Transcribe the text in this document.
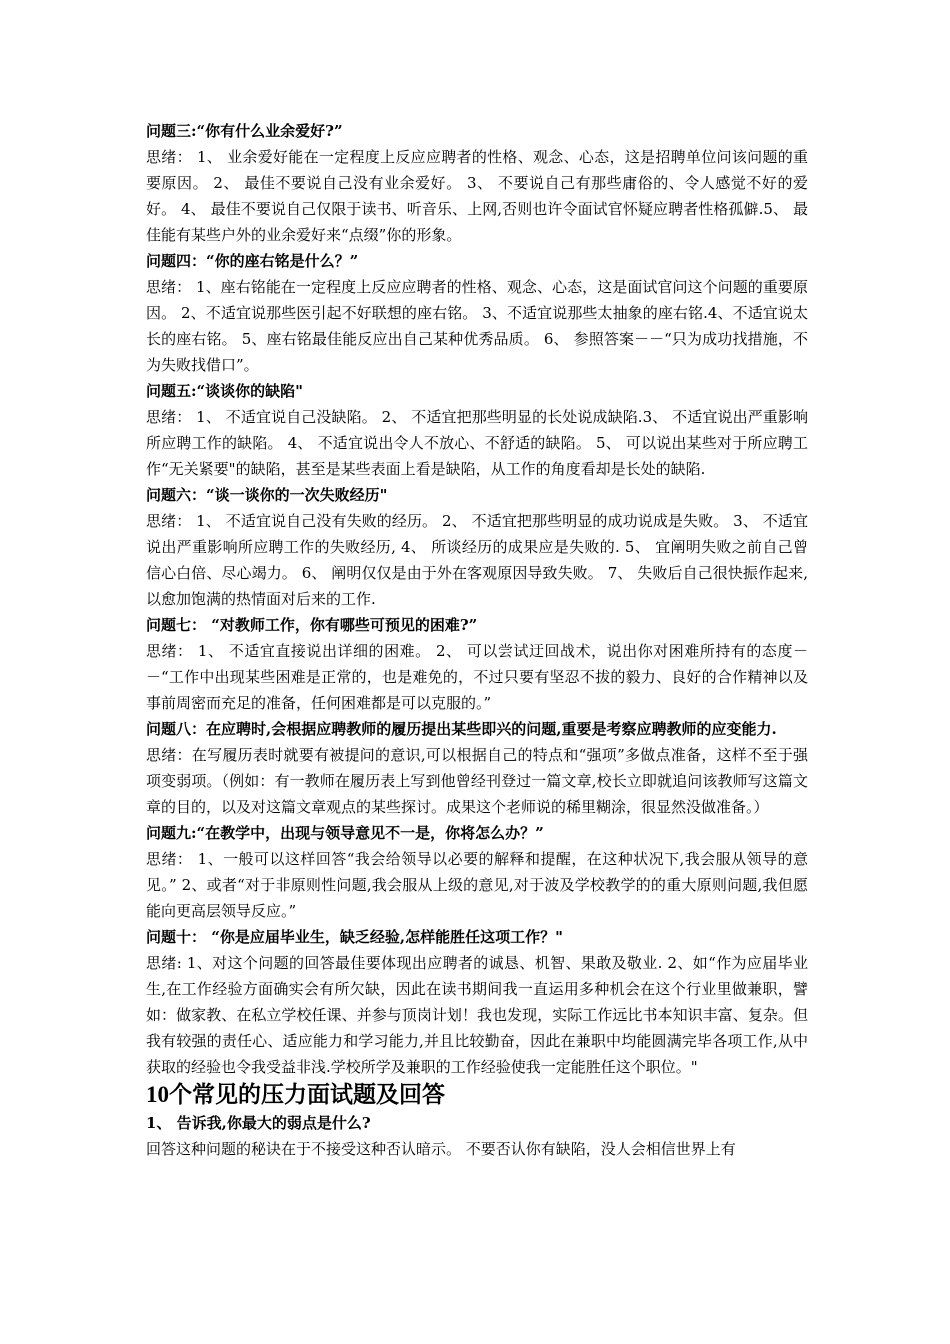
问题三:“你有什么业余爱好?”

思绪： 1、 业余爱好能在一定程度上反应应聘者的性格、观念、心态，这是招聘单位问该问题的重要原因。 2、 最佳不要说自己没有业余爱好。 3、 不要说自己有那些庸俗的、令人感觉不好的爱好。 4、 最佳不要说自己仅限于读书、听音乐、上网,否则也许令面试官怀疑应聘者性格孤僻.5、 最佳能有某些户外的业余爱好来“点缀”你的形象。

问题四：“你的座右铭是什么？”

思绪： 1、座右铭能在一定程度上反应应聘者的性格、观念、心态，这是面试官问这个问题的重要原因。 2、不适宜说那些医引起不好联想的座右铭。 3、不适宜说那些太抽象的座右铭.4、不适宜说太长的座右铭。 5、座右铭最佳能反应出自己某种优秀品质。 6、 参照答案－－“只为成功找措施，不为失败找借口”。

问题五:“谈谈你的缺陷"

思绪： 1、 不适宜说自己没缺陷。 2、 不适宜把那些明显的长处说成缺陷.3、 不适宜说出严重影响所应聘工作的缺陷。 4、 不适宜说出令人不放心、不舒适的缺陷。 5、 可以说出某些对于所应聘工作“无关紧要"的缺陷，甚至是某些表面上看是缺陷，从工作的角度看却是长处的缺陷.

问题六：“谈一谈你的一次失败经历"

思绪： 1、 不适宜说自己没有失败的经历。 2、 不适宜把那些明显的成功说成是失败。 3、 不适宜说出严重影响所应聘工作的失败经历, 4、 所谈经历的成果应是失败的. 5、 宜阐明失败之前自己曾信心白倍、尽心竭力。 6、 阐明仅仅是由于外在客观原因导致失败。 7、 失败后自己很快振作起来,以愈加饱满的热情面对后来的工作.

问题七： “对教师工作，你有哪些可预见的困难?”

思绪： 1、 不适宜直接说出详细的困难。 2、 可以尝试迂回战术，说出你对困难所持有的态度－－“工作中出现某些困难是正常的，也是难免的，不过只要有坚忍不拔的毅力、良好的合作精神以及事前周密而充足的准备，任何困难都是可以克服的。”

问题八：在应聘时,会根据应聘教师的履历提出某些即兴的问题,重要是考察应聘教师的应变能力.

思绪：在写履历表时就要有被提问的意识,可以根据自己的特点和“强项”多做点准备，这样不至于强项变弱项。（例如：有一教师在履历表上写到他曾经刊登过一篇文章,校长立即就追问该教师写这篇文章的目的，以及对这篇文章观点的某些探讨。成果这个老师说的稀里糊涂，很显然没做准备。）

问题九:“在教学中，出现与领导意见不一是，你将怎么办？”

思绪： 1、一般可以这样回答“我会给领导以必要的解释和提醒，在这种状况下,我会服从领导的意见。” 2、或者“对于非原则性问题,我会服从上级的意见,对于波及学校教学的的重大原则问题,我但愿能向更高层领导反应。”

问题十： “你是应届毕业生，缺乏经验,怎样能胜任这项工作？"

思绪: 1、对这个问题的回答最佳要体现出应聘者的诚恳、机智、果敢及敬业. 2、如“作为应届毕业生,在工作经验方面确实会有所欠缺，因此在读书期间我一直运用多种机会在这个行业里做兼职，譬如：做家教、在私立学校任课、并参与顶岗计划！我也发现，实际工作远比书本知识丰富、复杂。但我有较强的责任心、适应能力和学习能力,并且比较勤奋，因此在兼职中均能圆满完毕各项工作,从中获取的经验也令我受益非浅.学校所学及兼职的工作经验使我一定能胜任这个职位。"

10个常见的压力面试题及回答

1、 告诉我,你最大的弱点是什么?

回答这种问题的秘诀在于不接受这种否认暗示。 不要否认你有缺陷，没人会相信世界上有
